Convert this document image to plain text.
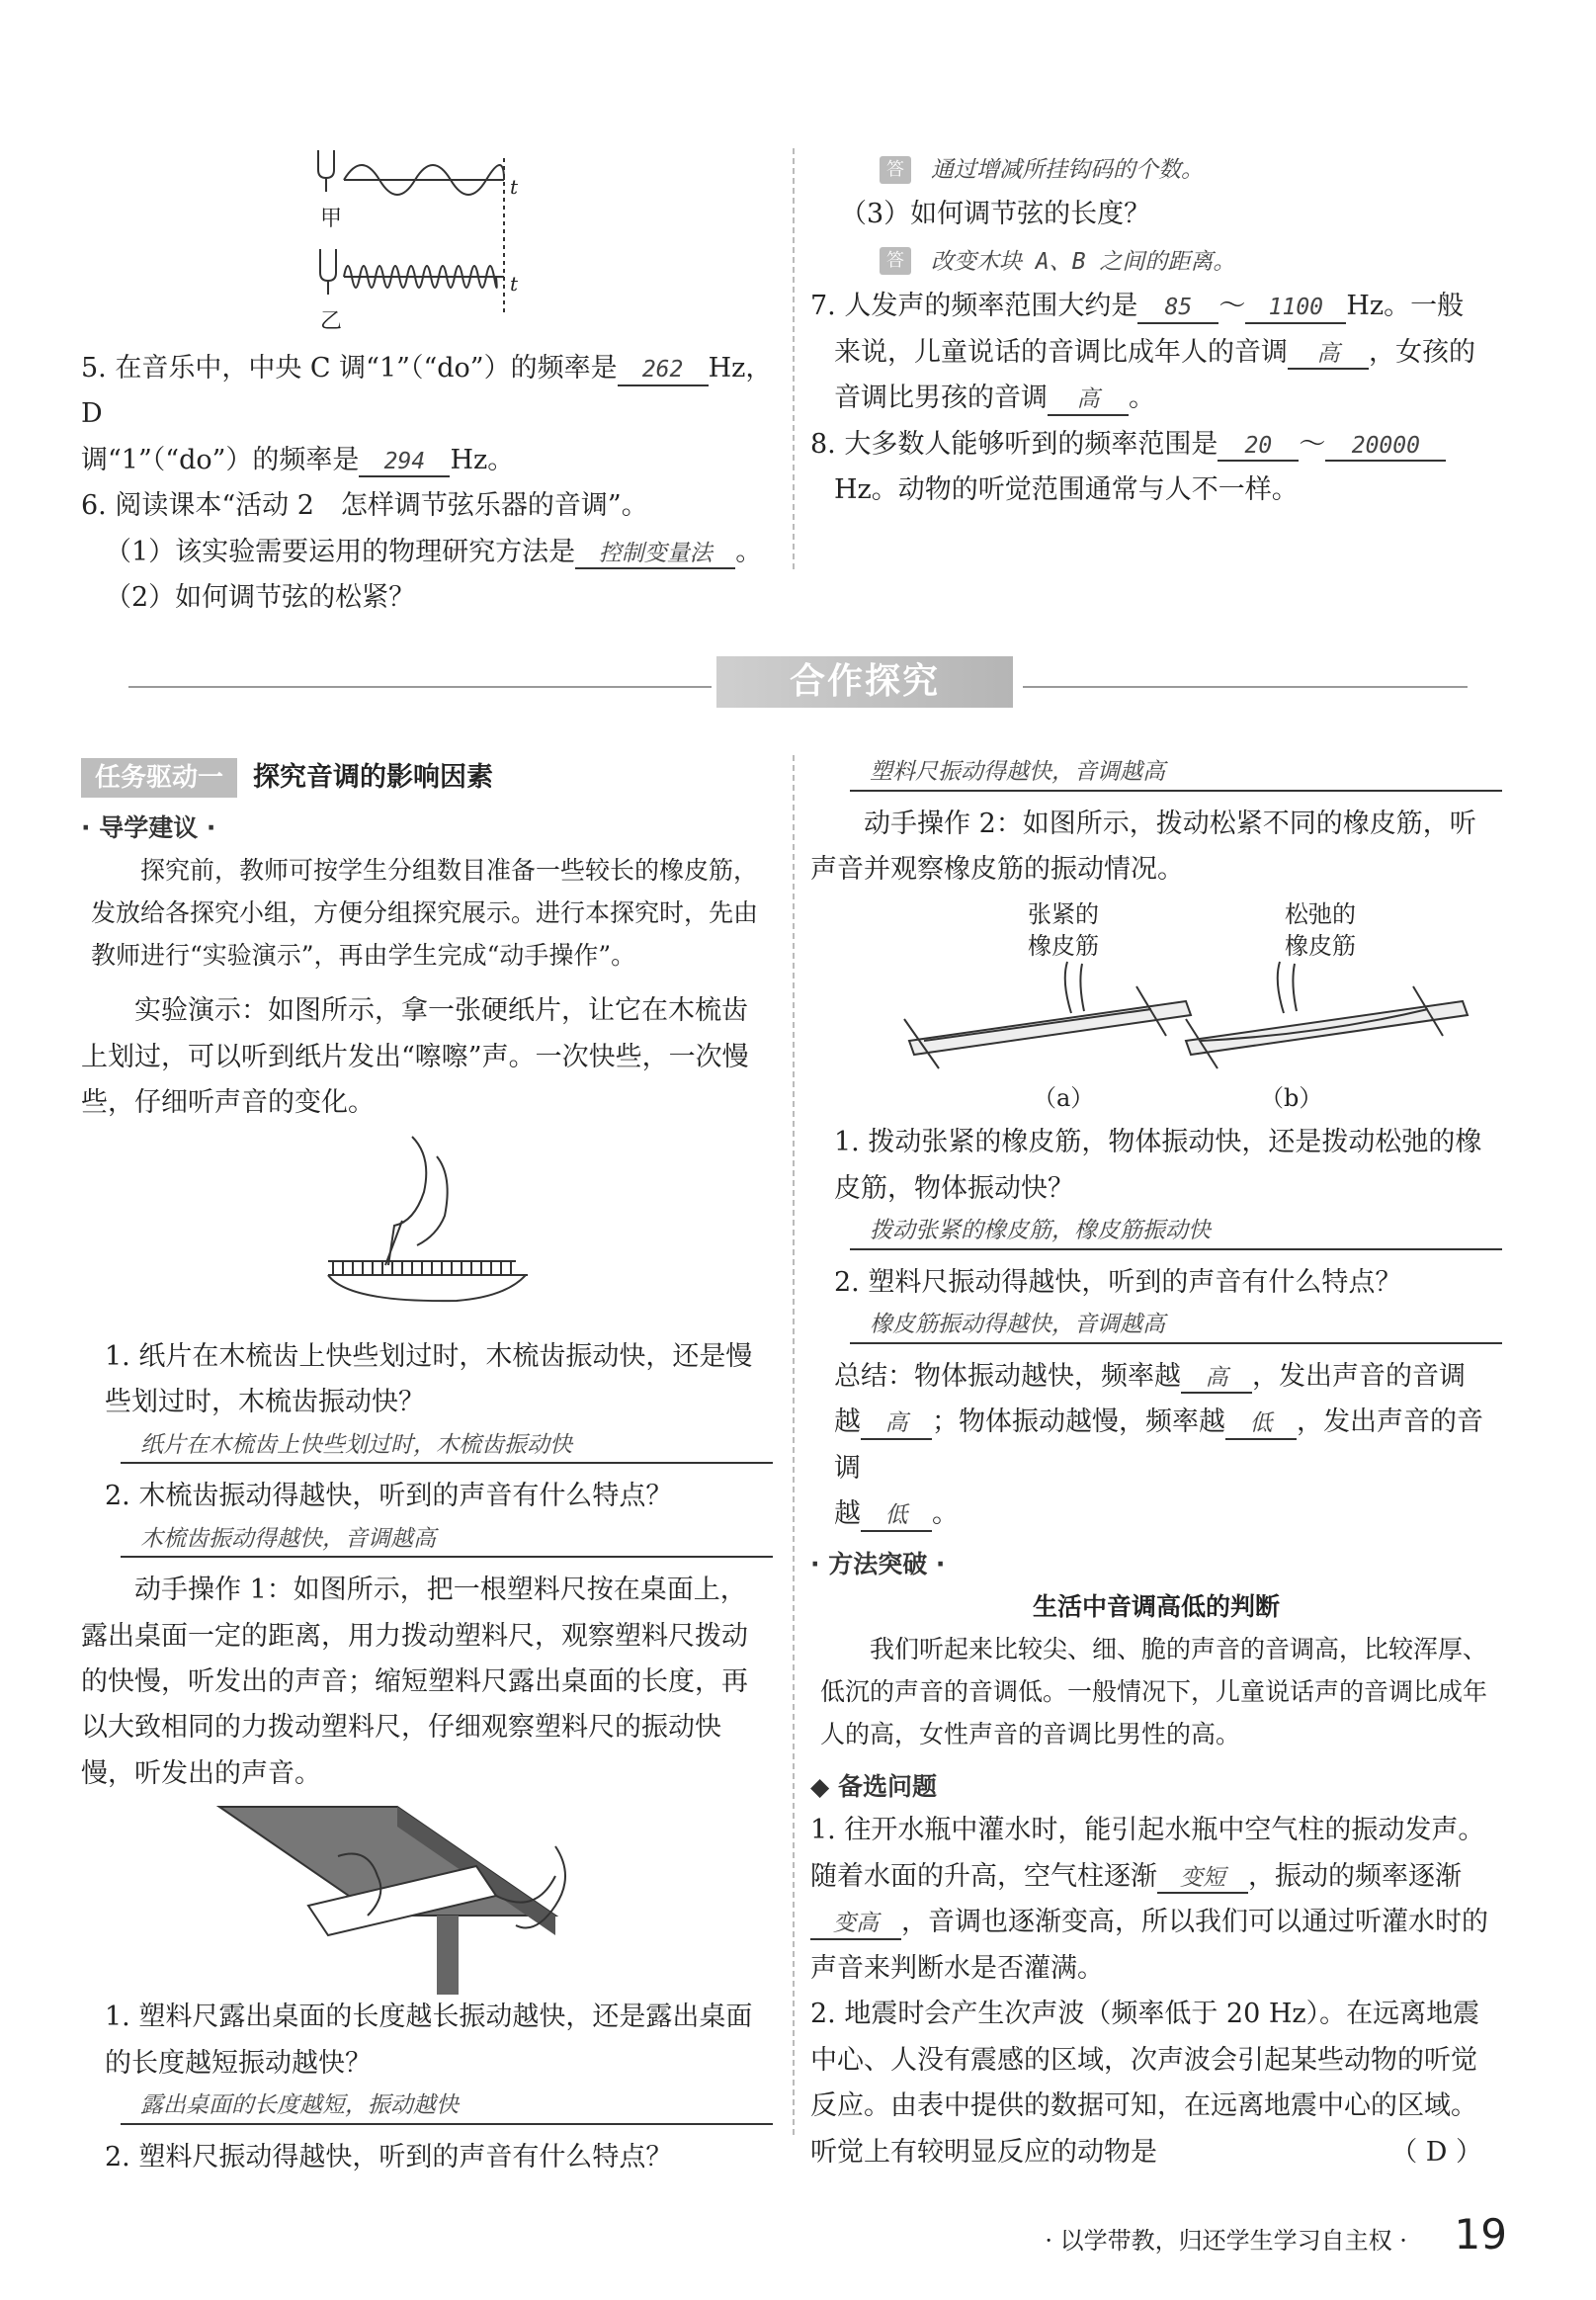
甲
乙
t
t

5. 在音乐中，中央 C 调“1”（“do”）的频率是 262 Hz，D
调“1”（“do”）的频率是 294 Hz。

6. 阅读课本“活动 2　怎样调节弦乐器的音调”。

（1）该实验需要运用的物理研究方法是 控制变量法 。

（2）如何调节弦的松紧？

答 通过增减所挂钩码的个数。

（3）如何调节弦的长度？

答 改变木块 A、B 之间的距离。

7. 人发声的频率范围大约是 85 ～ 1100 Hz。一般
来说，儿童说话的音调比成年人的音调 高 ，女孩的
音调比男孩的音调 高 。

8. 大多数人能够听到的频率范围是 20 ～ 20000
Hz。动物的听觉范围通常与人不一样。

合作探究

任务驱动一 探究音调的影响因素

· 导学建议 ·

探究前，教师可按学生分组数目准备一些较长的橡皮筋，发放给各探究小组，方便分组探究展示。进行本探究时，先由教师进行“实验演示”，再由学生完成“动手操作”。

实验演示：如图所示，拿一张硬纸片，让它在木梳齿上划过，可以听到纸片发出“嚓嚓”声。一次快些，一次慢些，仔细听声音的变化。

1. 纸片在木梳齿上快些划过时，木梳齿振动快，还是慢些划过时，木梳齿振动快？

纸片在木梳齿上快些划过时，木梳齿振动快

2. 木梳齿振动得越快，听到的声音有什么特点？

木梳齿振动得越快，音调越高

动手操作 1：如图所示，把一根塑料尺按在桌面上，露出桌面一定的距离，用力拨动塑料尺，观察塑料尺拨动的快慢，听发出的声音；缩短塑料尺露出桌面的长度，再以大致相同的力拨动塑料尺，仔细观察塑料尺的振动快慢，听发出的声音。

1. 塑料尺露出桌面的长度越长振动越快，还是露出桌面的长度越短振动越快？

露出桌面的长度越短，振动越快

2. 塑料尺振动得越快，听到的声音有什么特点？

塑料尺振动得越快，音调越高

动手操作 2：如图所示，拨动松紧不同的橡皮筋，听声音并观察橡皮筋的振动情况。

张紧的
橡皮筋
松弛的
橡皮筋
（a）	（b）

1. 拨动张紧的橡皮筋，物体振动快，还是拨动松弛的橡皮筋，物体振动快？

拨动张紧的橡皮筋，橡皮筋振动快

2. 塑料尺振动得越快，听到的声音有什么特点？

橡皮筋振动得越快，音调越高

总结：物体振动越快，频率越 高 ，发出声音的音调
越 高 ；物体振动越慢，频率越 低 ，发出声音的音调
越 低 。

· 方法突破 ·

生活中音调高低的判断

我们听起来比较尖、细、脆的声音的音调高，比较浑厚、低沉的声音的音调低。一般情况下，儿童说话声的音调比成年人的高，女性声音的音调比男性的高。

◆ 备选问题

1. 往开水瓶中灌水时，能引起水瓶中空气柱的振动发声。随着水面的升高，空气柱逐渐 变短 ，振动的频率逐渐变高 ，音调也逐渐变高，所以我们可以通过听灌水时的声音来判断水是否灌满。

2. 地震时会产生次声波（频率低于 20 Hz）。在远离地震中心、人没有震感的区域，次声波会引起某些动物的听觉反应。由表中提供的数据可知，在远离地震中心的区域。听觉上有较明显反应的动物是	（ D ）

· 以学带教，归还学生学习自主权 · 19
